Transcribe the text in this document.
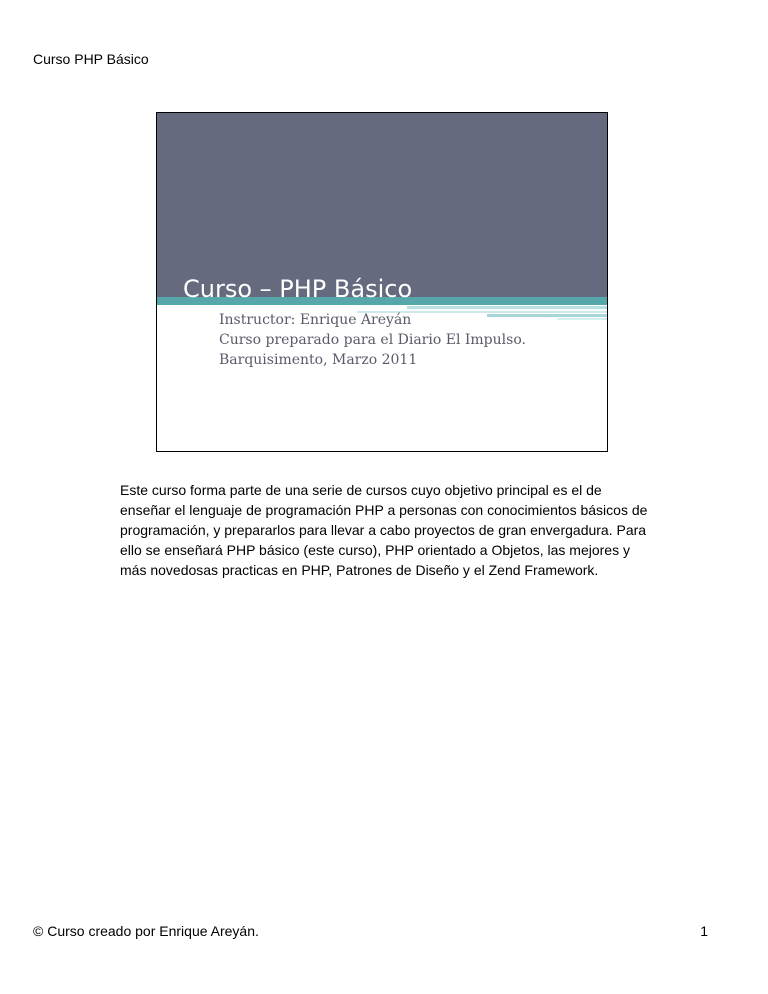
Curso PHP Básico
Curso – PHP Básico
Instructor: Enrique Areyán
Curso preparado para el Diario El Impulso.
Barquisimento, Marzo 2011
Este curso forma parte de una serie de cursos cuyo objetivo principal es el de enseñar el lenguaje de programación PHP a personas con conocimientos básicos de programación, y prepararlos para llevar a cabo proyectos de gran envergadura. Para ello se enseñará PHP básico (este curso), PHP orientado a Objetos, las mejores y más novedosas practicas en PHP, Patrones de Diseño y el Zend Framework.
© Curso creado por Enrique Areyán.	1
